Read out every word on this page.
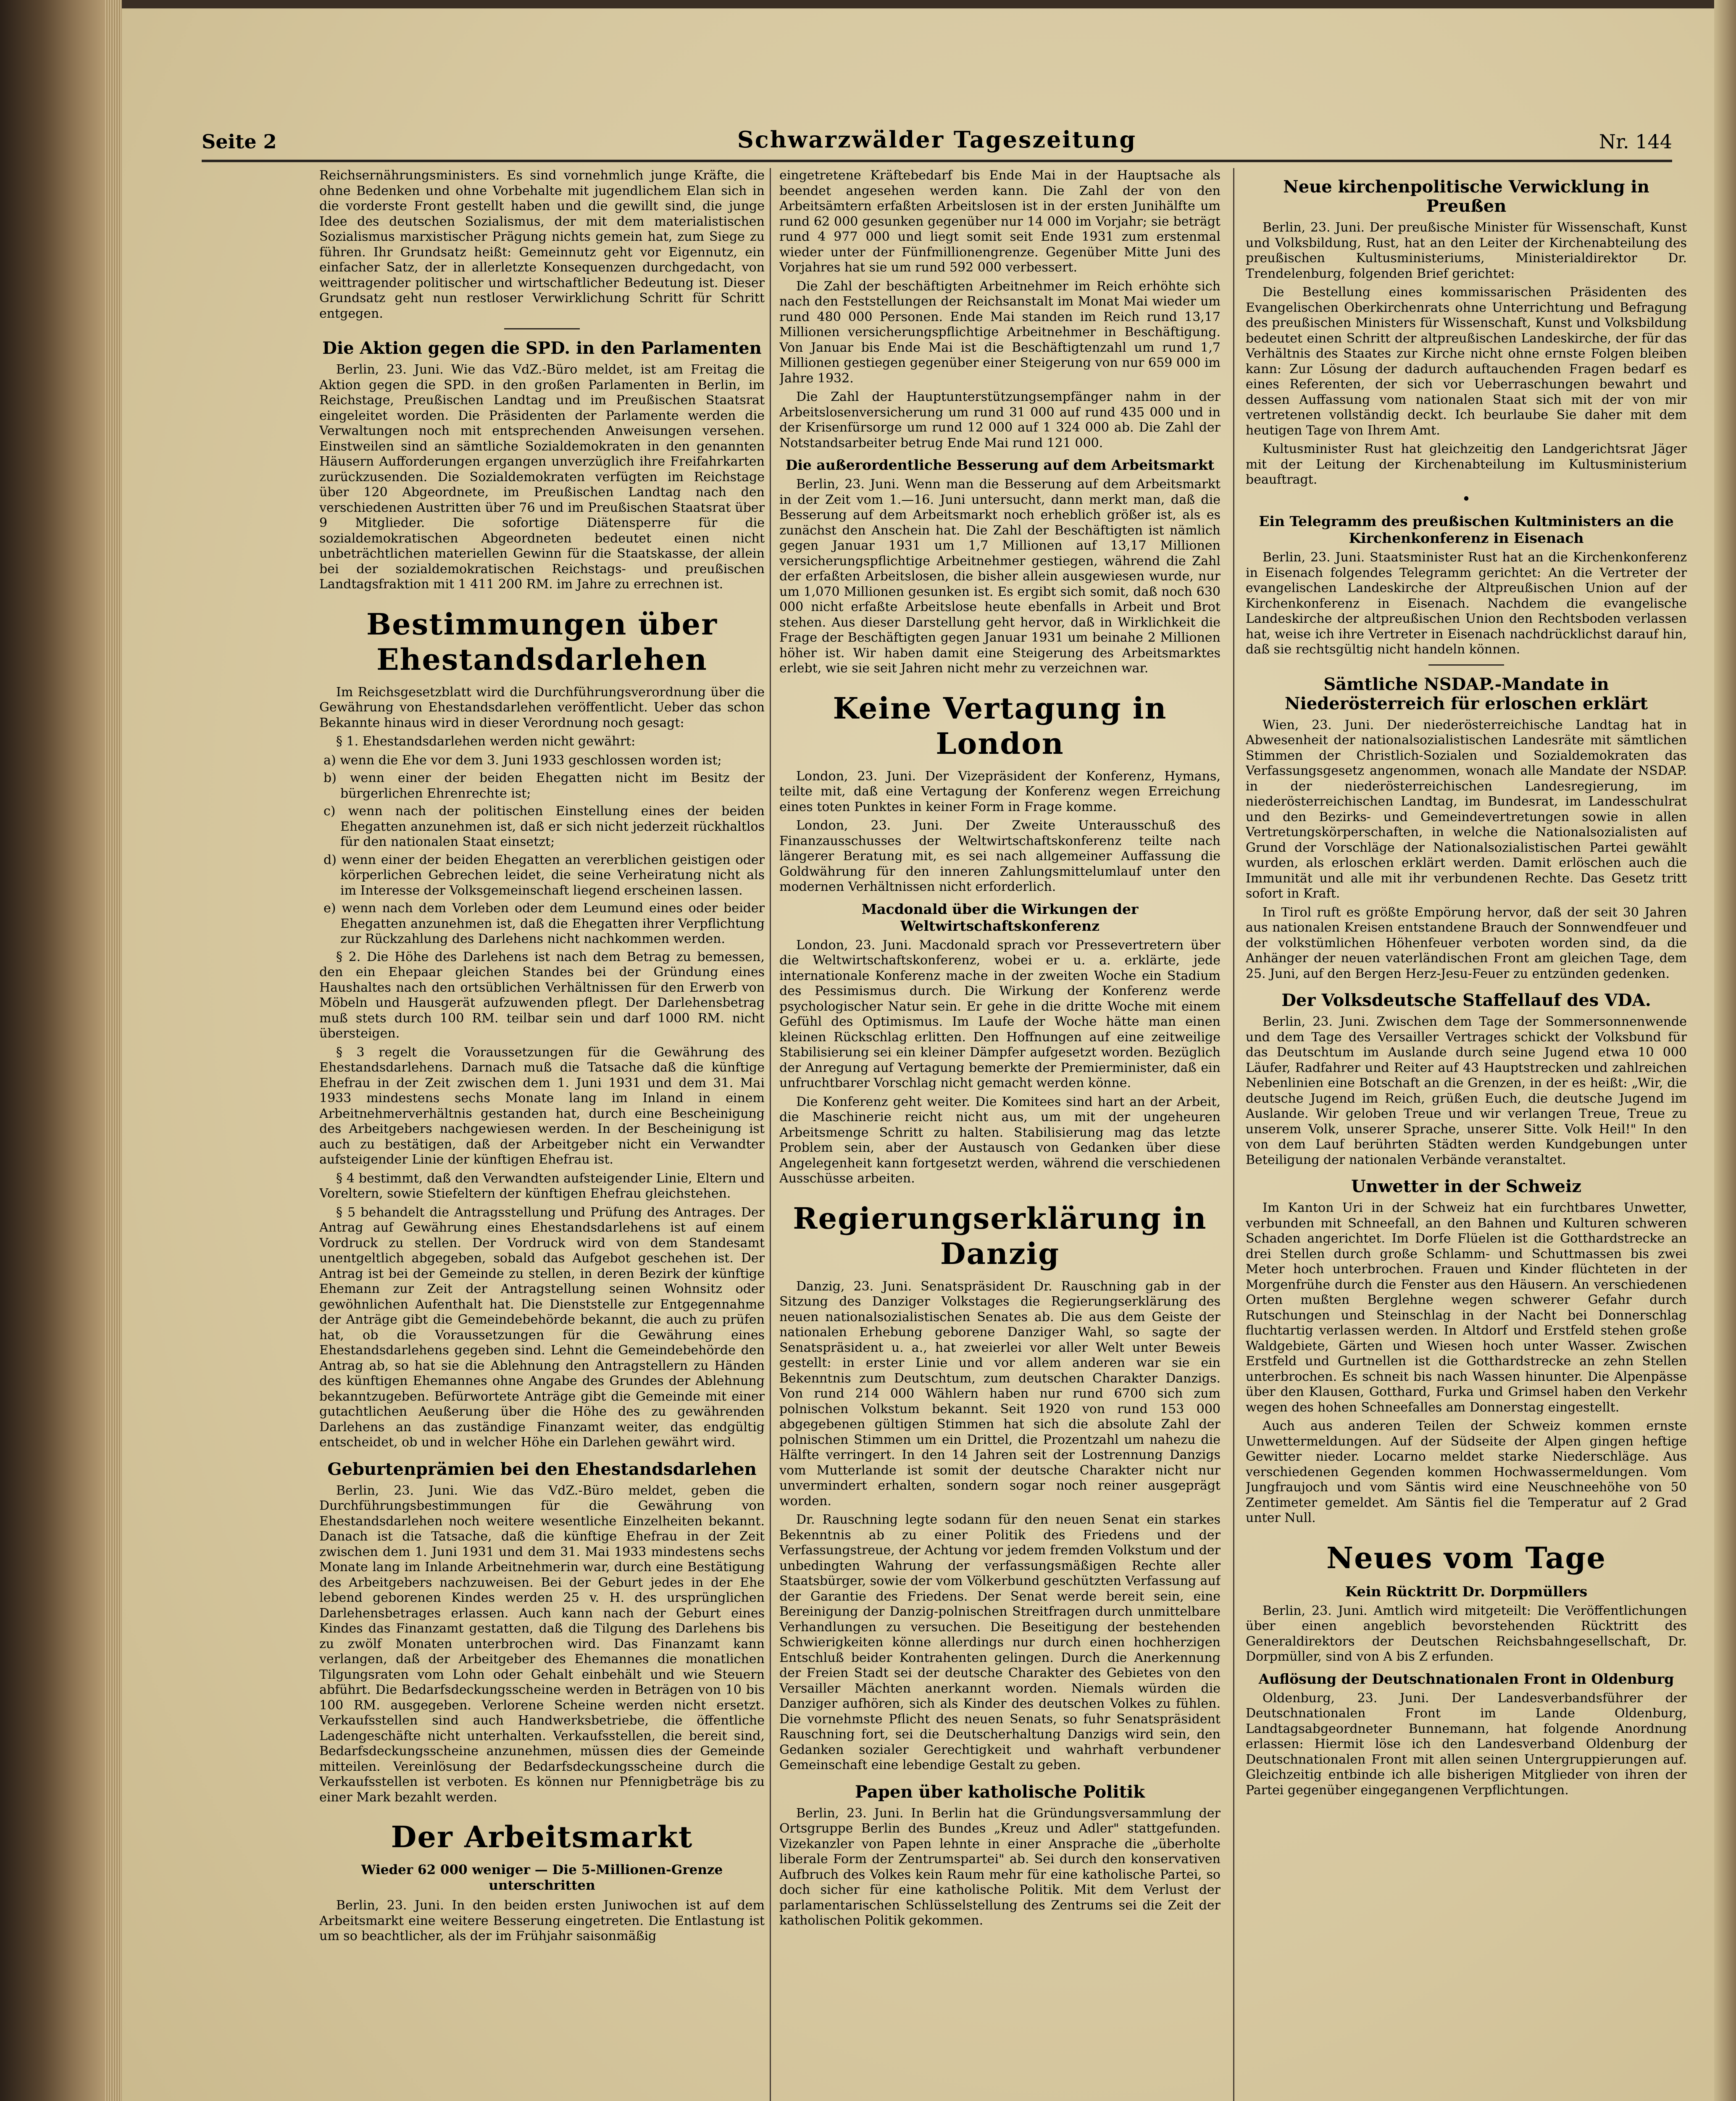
Seite 2	Schwarzwälder Tageszeitung	Nr. 144

Reichsernährungsministers. Es sind vornehmlich junge Kräfte, die ohne Bedenken und ohne Vorbehalte mit jugendlichem Elan sich in die vorderste Front gestellt haben und die gewillt sind, die junge Idee des deutschen Sozialismus, der mit dem materialistischen Sozialismus marxistischer Prägung nichts gemein hat, zum Siege zu führen. Ihr Grundsatz heißt: Gemeinnutz geht vor Eigennutz, ein einfacher Satz, der in allerletzte Konsequenzen durchgedacht, von weittragender politischer und wirtschaftlicher Bedeutung ist. Dieser Grundsatz geht nun restloser Verwirklichung Schritt für Schritt entgegen.

Die Aktion gegen die SPD. in den Parlamenten

Berlin, 23. Juni. Wie das VdZ.-Büro meldet, ist am Freitag die Aktion gegen die SPD. in den großen Parlamenten in Berlin, im Reichstage, Preußischen Landtag und im Preußischen Staatsrat eingeleitet worden. Die Präsidenten der Parlamente werden die Verwaltungen noch mit entsprechenden Anweisungen versehen. Einstweilen sind an sämtliche Sozialdemokraten in den genannten Häusern Aufforderungen ergangen unverzüglich ihre Freifahrkarten zurückzusenden. Die Sozialdemokraten verfügten im Reichstage über 120 Abgeordnete, im Preußischen Landtag nach den verschiedenen Austritten über 76 und im Preußischen Staatsrat über 9 Mitglieder. Die sofortige Diätensperre für die sozialdemokratischen Abgeordneten bedeutet einen nicht unbeträchtlichen materiellen Gewinn für die Staatskasse, der allein bei der sozialdemokratischen Reichstags- und preußischen Landtagsfraktion mit 1 411 200 RM. im Jahre zu errechnen ist.

Bestimmungen über Ehestandsdarlehen

Im Reichsgesetzblatt wird die Durchführungsverordnung über die Gewährung von Ehestandsdarlehen veröffentlicht. Ueber das schon Bekannte hinaus wird in dieser Verordnung noch gesagt:

§ 1. Ehestandsdarlehen werden nicht gewährt:

a) wenn die Ehe vor dem 3. Juni 1933 geschlossen worden ist;
b) wenn einer der beiden Ehegatten nicht im Besitz der bürgerlichen Ehrenrechte ist;
c) wenn nach der politischen Einstellung eines der beiden Ehegatten anzunehmen ist, daß er sich nicht jederzeit rückhaltlos für den nationalen Staat einsetzt;
d) wenn einer der beiden Ehegatten an vererblichen geistigen oder körperlichen Gebrechen leidet, die seine Verheiratung nicht als im Interesse der Volksgemeinschaft liegend erscheinen lassen.
e) wenn nach dem Vorleben oder dem Leumund eines oder beider Ehegatten anzunehmen ist, daß die Ehegatten ihrer Verpflichtung zur Rückzahlung des Darlehens nicht nachkommen werden.

§ 2. Die Höhe des Darlehens ist nach dem Betrag zu bemessen, den ein Ehepaar gleichen Standes bei der Gründung eines Haushaltes nach den ortsüblichen Verhältnissen für den Erwerb von Möbeln und Hausgerät aufzuwenden pflegt. Der Darlehensbetrag muß stets durch 100 RM. teilbar sein und darf 1000 RM. nicht übersteigen.

§ 3 regelt die Voraussetzungen für die Gewährung des Ehestandsdarlehens. Darnach muß die Tatsache daß die künftige Ehefrau in der Zeit zwischen dem 1. Juni 1931 und dem 31. Mai 1933 mindestens sechs Monate lang im Inland in einem Arbeitnehmerverhältnis gestanden hat, durch eine Bescheinigung des Arbeitgebers nachgewiesen werden. In der Bescheinigung ist auch zu bestätigen, daß der Arbeitgeber nicht ein Verwandter aufsteigender Linie der künftigen Ehefrau ist.

§ 4 bestimmt, daß den Verwandten aufsteigender Linie, Eltern und Voreltern, sowie Stiefeltern der künftigen Ehefrau gleichstehen.

§ 5 behandelt die Antragsstellung und Prüfung des Antrages. Der Antrag auf Gewährung eines Ehestandsdarlehens ist auf einem Vordruck zu stellen. Der Vordruck wird von dem Standesamt unentgeltlich abgegeben, sobald das Aufgebot geschehen ist. Der Antrag ist bei der Gemeinde zu stellen, in deren Bezirk der künftige Ehemann zur Zeit der Antragstellung seinen Wohnsitz oder gewöhnlichen Aufenthalt hat. Die Dienststelle zur Entgegennahme der Anträge gibt die Gemeindebehörde bekannt, die auch zu prüfen hat, ob die Voraussetzungen für die Gewährung eines Ehestandsdarlehens gegeben sind. Lehnt die Gemeindebehörde den Antrag ab, so hat sie die Ablehnung den Antragstellern zu Händen des künftigen Ehemannes ohne Angabe des Grundes der Ablehnung bekanntzugeben. Befürwortete Anträge gibt die Gemeinde mit einer gutachtlichen Aeußerung über die Höhe des zu gewährenden Darlehens an das zuständige Finanzamt weiter, das endgültig entscheidet, ob und in welcher Höhe ein Darlehen gewährt wird.

Geburtenprämien bei den Ehestandsdarlehen

Berlin, 23. Juni. Wie das VdZ.-Büro meldet, geben die Durchführungsbestimmungen für die Gewährung von Ehestandsdarlehen noch weitere wesentliche Einzelheiten bekannt. Danach ist die Tatsache, daß die künftige Ehefrau in der Zeit zwischen dem 1. Juni 1931 und dem 31. Mai 1933 mindestens sechs Monate lang im Inlande Arbeitnehmerin war, durch eine Bestätigung des Arbeitgebers nachzuweisen. Bei der Geburt jedes in der Ehe lebend geborenen Kindes werden 25 v. H. des ursprünglichen Darlehensbetrages erlassen. Auch kann nach der Geburt eines Kindes das Finanzamt gestatten, daß die Tilgung des Darlehens bis zu zwölf Monaten unterbrochen wird. Das Finanzamt kann verlangen, daß der Arbeitgeber des Ehemannes die monatlichen Tilgungsraten vom Lohn oder Gehalt einbehält und wie Steuern abführt. Die Bedarfsdeckungsscheine werden in Beträgen von 10 bis 100 RM. ausgegeben. Verlorene Scheine werden nicht ersetzt. Verkaufsstellen sind auch Handwerksbetriebe, die öffentliche Ladengeschäfte nicht unterhalten. Verkaufsstellen, die bereit sind, Bedarfsdeckungsscheine anzunehmen, müssen dies der Gemeinde mitteilen. Vereinlösung der Bedarfsdeckungsscheine durch die Verkaufsstellen ist verboten. Es können nur Pfennigbeträge bis zu einer Mark bezahlt werden.

Der Arbeitsmarkt
Wieder 62 000 weniger — Die 5-Millionen-Grenze unterschritten

Berlin, 23. Juni. In den beiden ersten Juniwochen ist auf dem Arbeitsmarkt eine weitere Besserung eingetreten. Die Entlastung ist um so beachtlicher, als der im Frühjahr saisonmäßig

eingetretene Kräftebedarf bis Ende Mai in der Hauptsache als beendet angesehen werden kann. Die Zahl der von den Arbeitsämtern erfaßten Arbeitslosen ist in der ersten Junihälfte um rund 62 000 gesunken gegenüber nur 14 000 im Vorjahr; sie beträgt rund 4 977 000 und liegt somit seit Ende 1931 zum erstenmal wieder unter der Fünfmillionengrenze. Gegenüber Mitte Juni des Vorjahres hat sie um rund 592 000 verbessert.

Die Zahl der beschäftigten Arbeitnehmer im Reich erhöhte sich nach den Feststellungen der Reichsanstalt im Monat Mai wieder um rund 480 000 Personen. Ende Mai standen im Reich rund 13,17 Millionen versicherungspflichtige Arbeitnehmer in Beschäftigung. Von Januar bis Ende Mai ist die Beschäftigtenzahl um rund 1,7 Millionen gestiegen gegenüber einer Steigerung von nur 659 000 im Jahre 1932.

Die Zahl der Hauptunterstützungsempfänger nahm in der Arbeitslosenversicherung um rund 31 000 auf rund 435 000 und in der Krisenfürsorge um rund 12 000 auf 1 324 000 ab. Die Zahl der Notstandsarbeiter betrug Ende Mai rund 121 000.

Die außerordentliche Besserung auf dem Arbeitsmarkt

Berlin, 23. Juni. Wenn man die Besserung auf dem Arbeitsmarkt in der Zeit vom 1.—16. Juni untersucht, dann merkt man, daß die Besserung auf dem Arbeitsmarkt noch erheblich größer ist, als es zunächst den Anschein hat. Die Zahl der Beschäftigten ist nämlich gegen Januar 1931 um 1,7 Millionen auf 13,17 Millionen versicherungspflichtige Arbeitnehmer gestiegen, während die Zahl der erfaßten Arbeitslosen, die bisher allein ausgewiesen wurde, nur um 1,070 Millionen gesunken ist. Es ergibt sich somit, daß noch 630 000 nicht erfaßte Arbeitslose heute ebenfalls in Arbeit und Brot stehen. Aus dieser Darstellung geht hervor, daß in Wirklichkeit die Frage der Beschäftigten gegen Januar 1931 um beinahe 2 Millionen höher ist. Wir haben damit eine Steigerung des Arbeitsmarktes erlebt, wie sie seit Jahren nicht mehr zu verzeichnen war.

Keine Vertagung in London

London, 23. Juni. Der Vizepräsident der Konferenz, Hymans, teilte mit, daß eine Vertagung der Konferenz wegen Erreichung eines toten Punktes in keiner Form in Frage komme.

London, 23. Juni. Der Zweite Unterausschuß des Finanzausschusses der Weltwirtschaftskonferenz teilte nach längerer Beratung mit, es sei nach allgemeiner Auffassung die Goldwährung für den inneren Zahlungsmittelumlauf unter den modernen Verhältnissen nicht erforderlich.

Macdonald über die Wirkungen der Weltwirtschaftskonferenz

London, 23. Juni. Macdonald sprach vor Pressevertretern über die Weltwirtschaftskonferenz, wobei er u. a. erklärte, jede internationale Konferenz mache in der zweiten Woche ein Stadium des Pessimismus durch. Die Wirkung der Konferenz werde psychologischer Natur sein. Er gehe in die dritte Woche mit einem Gefühl des Optimismus. Im Laufe der Woche hätte man einen kleinen Rückschlag erlitten. Den Hoffnungen auf eine zeitweilige Stabilisierung sei ein kleiner Dämpfer aufgesetzt worden. Bezüglich der Anregung auf Vertagung bemerkte der Premierminister, daß ein unfruchtbarer Vorschlag nicht gemacht werden könne.

Die Konferenz geht weiter. Die Komitees sind hart an der Arbeit, die Maschinerie reicht nicht aus, um mit der ungeheuren Arbeitsmenge Schritt zu halten. Stabilisierung mag das letzte Problem sein, aber der Austausch von Gedanken über diese Angelegenheit kann fortgesetzt werden, während die verschiedenen Ausschüsse arbeiten.

Regierungserklärung in Danzig

Danzig, 23. Juni. Senatspräsident Dr. Rauschning gab in der Sitzung des Danziger Volkstages die Regierungserklärung des neuen nationalsozialistischen Senates ab. Die aus dem Geiste der nationalen Erhebung geborene Danziger Wahl, so sagte der Senatspräsident u. a., hat zweierlei vor aller Welt unter Beweis gestellt: in erster Linie und vor allem anderen war sie ein Bekenntnis zum Deutschtum, zum deutschen Charakter Danzigs. Von rund 214 000 Wählern haben nur rund 6700 sich zum polnischen Volkstum bekannt. Seit 1920 von rund 153 000 abgegebenen gültigen Stimmen hat sich die absolute Zahl der polnischen Stimmen um ein Drittel, die Prozentzahl um nahezu die Hälfte verringert. In den 14 Jahren seit der Lostrennung Danzigs vom Mutterlande ist somit der deutsche Charakter nicht nur unvermindert erhalten, sondern sogar noch reiner ausgeprägt worden.

Dr. Rauschning legte sodann für den neuen Senat ein starkes Bekenntnis ab zu einer Politik des Friedens und der Verfassungstreue, der Achtung vor jedem fremden Volkstum und der unbedingten Wahrung der verfassungsmäßigen Rechte aller Staatsbürger, sowie der vom Völkerbund geschützten Verfassung auf der Garantie des Friedens. Der Senat werde bereit sein, eine Bereinigung der Danzig-polnischen Streitfragen durch unmittelbare Verhandlungen zu versuchen. Die Beseitigung der bestehenden Schwierigkeiten könne allerdings nur durch einen hochherzigen Entschluß beider Kontrahenten gelingen. Durch die Anerkennung der Freien Stadt sei der deutsche Charakter des Gebietes von den Versailler Mächten anerkannt worden. Niemals würden die Danziger aufhören, sich als Kinder des deutschen Volkes zu fühlen. Die vornehmste Pflicht des neuen Senats, so fuhr Senatspräsident Rauschning fort, sei die Deutscherhaltung Danzigs wird sein, den Gedanken sozialer Gerechtigkeit und wahrhaft verbundener Gemeinschaft eine lebendige Gestalt zu geben.

Papen über katholische Politik

Berlin, 23. Juni. In Berlin hat die Gründungsversammlung der Ortsgruppe Berlin des Bundes „Kreuz und Adler" stattgefunden. Vizekanzler von Papen lehnte in einer Ansprache die „überholte liberale Form der Zentrumspartei" ab. Sei durch den konservativen Aufbruch des Volkes kein Raum mehr für eine katholische Partei, so doch sicher für eine katholische Politik. Mit dem Verlust der parlamentarischen Schlüsselstellung des Zentrums sei die Zeit der katholischen Politik gekommen.

Neue kirchenpolitische Verwicklung in Preußen

Berlin, 23. Juni. Der preußische Minister für Wissenschaft, Kunst und Volksbildung, Rust, hat an den Leiter der Kirchenabteilung des preußischen Kultusministeriums, Ministerialdirektor Dr. Trendelenburg, folgenden Brief gerichtet:

Die Bestellung eines kommissarischen Präsidenten des Evangelischen Oberkirchenrats ohne Unterrichtung und Befragung des preußischen Ministers für Wissenschaft, Kunst und Volksbildung bedeutet einen Schritt der altpreußischen Landeskirche, der für das Verhältnis des Staates zur Kirche nicht ohne ernste Folgen bleiben kann: Zur Lösung der dadurch auftauchenden Fragen bedarf es eines Referenten, der sich vor Ueberraschungen bewahrt und dessen Auffassung vom nationalen Staat sich mit der von mir vertretenen vollständig deckt. Ich beurlaube Sie daher mit dem heutigen Tage von Ihrem Amt.

Kultusminister Rust hat gleichzeitig den Landgerichtsrat Jäger mit der Leitung der Kirchenabteilung im Kultusministerium beauftragt.

•
Ein Telegramm des preußischen Kultministers an die Kirchenkonferenz in Eisenach

Berlin, 23. Juni. Staatsminister Rust hat an die Kirchenkonferenz in Eisenach folgendes Telegramm gerichtet: An die Vertreter der evangelischen Landeskirche der Altpreußischen Union auf der Kirchenkonferenz in Eisenach. Nachdem die evangelische Landeskirche der altpreußischen Union den Rechtsboden verlassen hat, weise ich ihre Vertreter in Eisenach nachdrücklichst darauf hin, daß sie rechtsgültig nicht handeln können.

Sämtliche NSDAP.-Mandate in Niederösterreich für erloschen erklärt

Wien, 23. Juni. Der niederösterreichische Landtag hat in Abwesenheit der nationalsozialistischen Landesräte mit sämtlichen Stimmen der Christlich-Sozialen und Sozialdemokraten das Verfassungsgesetz angenommen, wonach alle Mandate der NSDAP. in der niederösterreichischen Landesregierung, im niederösterreichischen Landtag, im Bundesrat, im Landesschulrat und den Bezirks- und Gemeindevertretungen sowie in allen Vertretungskörperschaften, in welche die Nationalsozialisten auf Grund der Vorschläge der Nationalsozialistischen Partei gewählt wurden, als erloschen erklärt werden. Damit erlöschen auch die Immunität und alle mit ihr verbundenen Rechte. Das Gesetz tritt sofort in Kraft.

In Tirol ruft es größte Empörung hervor, daß der seit 30 Jahren aus nationalen Kreisen entstandene Brauch der Sonnwendfeuer und der volkstümlichen Höhenfeuer verboten worden sind, da die Anhänger der neuen vaterländischen Front am gleichen Tage, dem 25. Juni, auf den Bergen Herz-Jesu-Feuer zu entzünden gedenken.

Der Volksdeutsche Staffellauf des VDA.

Berlin, 23. Juni. Zwischen dem Tage der Sommersonnenwende und dem Tage des Versailler Vertrages schickt der Volksbund für das Deutschtum im Auslande durch seine Jugend etwa 10 000 Läufer, Radfahrer und Reiter auf 43 Hauptstrecken und zahlreichen Nebenlinien eine Botschaft an die Grenzen, in der es heißt: „Wir, die deutsche Jugend im Reich, grüßen Euch, die deutsche Jugend im Auslande. Wir geloben Treue und wir verlangen Treue, Treue zu unserem Volk, unserer Sprache, unserer Sitte. Volk Heil!" In den von dem Lauf berührten Städten werden Kundgebungen unter Beteiligung der nationalen Verbände veranstaltet.

Unwetter in der Schweiz

Im Kanton Uri in der Schweiz hat ein furchtbares Unwetter, verbunden mit Schneefall, an den Bahnen und Kulturen schweren Schaden angerichtet. Im Dorfe Flüelen ist die Gotthardstrecke an drei Stellen durch große Schlamm- und Schuttmassen bis zwei Meter hoch unterbrochen. Frauen und Kinder flüchteten in der Morgenfrühe durch die Fenster aus den Häusern. An verschiedenen Orten mußten Berglehne wegen schwerer Gefahr durch Rutschungen und Steinschlag in der Nacht bei Donnerschlag fluchtartig verlassen werden. In Altdorf und Erstfeld stehen große Waldgebiete, Gärten und Wiesen hoch unter Wasser. Zwischen Erstfeld und Gurtnellen ist die Gotthardstrecke an zehn Stellen unterbrochen. Es schneit bis nach Wassen hinunter. Die Alpenpässe über den Klausen, Gotthard, Furka und Grimsel haben den Verkehr wegen des hohen Schneefalles am Donnerstag eingestellt.

Auch aus anderen Teilen der Schweiz kommen ernste Unwettermeldungen. Auf der Südseite der Alpen gingen heftige Gewitter nieder. Locarno meldet starke Niederschläge. Aus verschiedenen Gegenden kommen Hochwassermeldungen. Vom Jungfraujoch und vom Säntis wird eine Neuschneehöhe von 50 Zentimeter gemeldet. Am Säntis fiel die Temperatur auf 2 Grad unter Null.

Neues vom Tage
Kein Rücktritt Dr. Dorpmüllers

Berlin, 23. Juni. Amtlich wird mitgeteilt: Die Veröffentlichungen über einen angeblich bevorstehenden Rücktritt des Generaldirektors der Deutschen Reichsbahngesellschaft, Dr. Dorpmüller, sind von A bis Z erfunden.

Auflösung der Deutschnationalen Front in Oldenburg

Oldenburg, 23. Juni. Der Landesverbandsführer der Deutschnationalen Front im Lande Oldenburg, Landtagsabgeordneter Bunnemann, hat folgende Anordnung erlassen: Hiermit löse ich den Landesverband Oldenburg der Deutschnationalen Front mit allen seinen Untergruppierungen auf. Gleichzeitig entbinde ich alle bisherigen Mitglieder von ihren der Partei gegenüber eingegangenen Verpflichtungen.
